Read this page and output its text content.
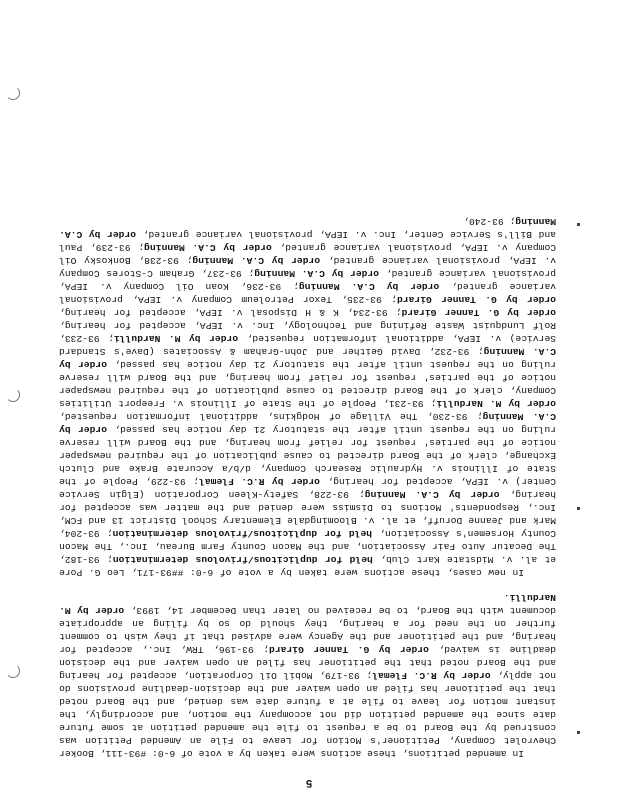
5

In amended petitions, these actions were taken by a vote of 6-0: #93-111, Booker Chevrolet Company, Petitioner's Motion for Leave to File an Amended Petition was construed by the Board to be a request to file the amended petition at some future date since the amended petition did not accompany the motion, and accordingly, the instant motion for leave to file at a future date was denied, and the Board noted that the petitioner has filed an open waiver and the decision-deadline provisions do not apply, order by R.C. Flemal; 93-179, Mobil Oil Corporation, accepted for hearing and the Board noted that the petitioner has filed an open waiver and the decision deadline is waived, order by G. Tanner Girard; 93-196, TRW, Inc., accepted for hearing, and the petitioner and the Agency were advised that if they wish to comment further on the need for a hearing, they should do so by filing an appropriate document with the Board, to be received no later than December 14, 1993, order by M. Nardulli.

In new cases, these actions were taken by a vote of 6-0: ##93-171, Leo G. Pore et al. v. Midstate Kart Club, held for duplicitous/frivolous determination; 93-182, The Decatur Auto Fair Association, and the Macon County Farm Bureau, Inc., The Macon County Horsemen's Association, held for duplicitous/frivolous determination; 93-204, Mark and Jeanne Doruff, et al. v. Bloomingdale Elementary School District 13 and FCM, Inc., Respondents' Motions to Dismiss were denied and the matter was accepted for hearing, order by C.A. Manning; 93-228, Safety-Kleen Corporation (Elgin Service Center) v. IEPA, accepted for hearing, order by R.C. Flemal; 93-229, People of the State of Illinois v. Hydraulic Research Company, d/b/a Accurate Brake and Clutch Exchange, clerk of the Board directed to cause publication of the required newspaper notice of the parties' request for relief from hearing, and the Board will reserve ruling on the request until after the statutory 21 day notice has passed, order by C.A. Manning; 93-230, The Village of Hodgkins, additional information requested, order by M. Nardulli; 93-231, People of the State of Illinois v. Freeport Utilities Company, clerk of the Board directed to cause publication of the required newspaper notice of the parties' request for relief from hearing, and the Board will reserve ruling on the request until after the statutory 21 day notice has passed, order by C.A. Manning; 93-232, David Geither and John-Graham & Associates (Dave's Standard Service) v. IEPA, additional information requested, order by M. Nardulli; 93-233, Rolf Lundquist Waste Refining and Technology, Inc. v. IEPA, accepted for hearing, order by G. Tanner Girard; 93-234, K & H Disposal v. IEPA, accepted for hearing, order by G. Tanner Girard; 93-235, Texor Petroleum Company v. IEPA, provisional variance granted, order by C.A. Manning; 93-236, Koan Oil Company v. IEPA, provisional variance granted, order by C.A. Manning; 93-237, Graham C-Stores Company v. IEPA, provisional variance granted, order by C.A. Manning; 93-238, Bonkosky Oil Company v. IEPA, provisional variance granted, order by C.A. Manning; 93-239, Paul and Bill's Service Center, Inc. v. IEPA, provisional variance granted, order by C.A. Manning; 93-240,
